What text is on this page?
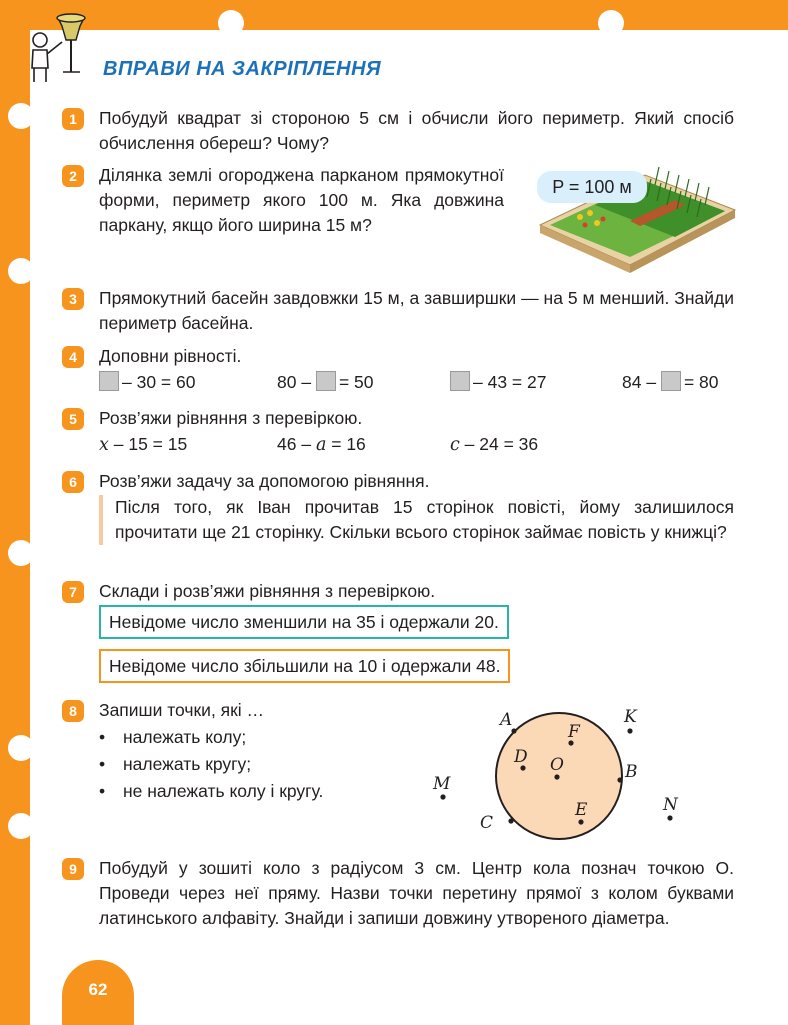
ВПРАВИ НА ЗАКРІПЛЕННЯ
1	Побудуй квадрат зі стороною 5 см і обчисли його периметр. Який спосіб обчислення обереш? Чому?
2	Ділянка землі огороджена парканом прямокутної форми, периметр якого 100 м. Яка довжина паркану, якщо його ширина 15 м?
P = 100 м
3	Прямокутний басейн завдовжки 15 м, а завширшки — на 5 м менший. Знайди периметр басейна.
4	Доповни рівності.
– 30 = 60	80 – = 50	– 43 = 27	84 – = 80
5	Розв’яжи рівняння з перевіркою.
x – 15 = 15	46 – a = 16	c – 24 = 36
6	Розв’яжи задачу за допомогою рівняння.
Після того, як Іван прочитав 15 сторінок повісті, йому залишилося прочитати ще 21 сторінку. Скільки всього сторінок займає повість у книжці?
7	Склади і розв’яжи рівняння з перевіркою.
Невідоме число зменшили на 35 і одержали 20.
Невідоме число збільшили на 10 і одержали 48.
8	Запиши точки, які …
• належать колу;
• належать кругу;
• не належать колу і кругу.
A
F
K
D O	B
M
E	N
C
9	Побудуй у зошиті коло з радіусом 3 см. Центр кола познач точкою O. Проведи через неї пряму. Назви точки перетину прямої з колом буквами латинського алфавіту. Знайди і запиши довжину утвореного діаметра.
62
